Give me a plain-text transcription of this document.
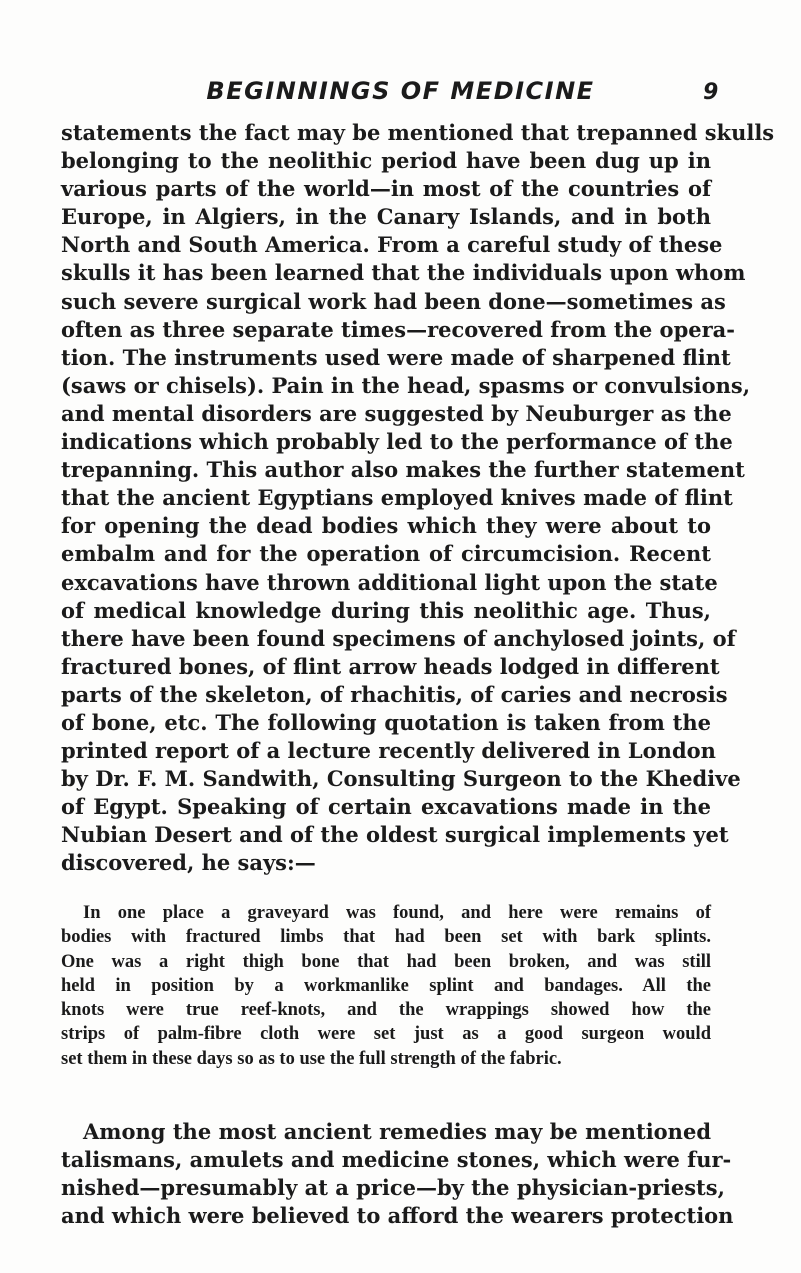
BEGINNINGS OF MEDICINE	9
statements the fact may be mentioned that trepanned skulls
belonging to the neolithic period have been dug up in
various parts of the world—in most of the countries of
Europe, in Algiers, in the Canary Islands, and in both
North and South America. From a careful study of these
skulls it has been learned that the individuals upon whom
such severe surgical work had been done—sometimes as
often as three separate times—recovered from the opera-
tion. The instruments used were made of sharpened flint
(saws or chisels). Pain in the head, spasms or convulsions,
and mental disorders are suggested by Neuburger as the
indications which probably led to the performance of the
trepanning. This author also makes the further statement
that the ancient Egyptians employed knives made of flint
for opening the dead bodies which they were about to
embalm and for the operation of circumcision. Recent
excavations have thrown additional light upon the state
of medical knowledge during this neolithic age. Thus,
there have been found specimens of anchylosed joints, of
fractured bones, of flint arrow heads lodged in different
parts of the skeleton, of rhachitis, of caries and necrosis
of bone, etc. The following quotation is taken from the
printed report of a lecture recently delivered in London
by Dr. F. M. Sandwith, Consulting Surgeon to the Khedive
of Egypt. Speaking of certain excavations made in the
Nubian Desert and of the oldest surgical implements yet
discovered, he says:—
In one place a graveyard was found, and here were remains of
bodies with fractured limbs that had been set with bark splints.
One was a right thigh bone that had been broken, and was still
held in position by a workmanlike splint and bandages. All the
knots were true reef-knots, and the wrappings showed how the
strips of palm-fibre cloth were set just as a good surgeon would
set them in these days so as to use the full strength of the fabric.
Among the most ancient remedies may be mentioned
talismans, amulets and medicine stones, which were fur-
nished—presumably at a price—by the physician-priests,
and which were believed to afford the wearers protection
